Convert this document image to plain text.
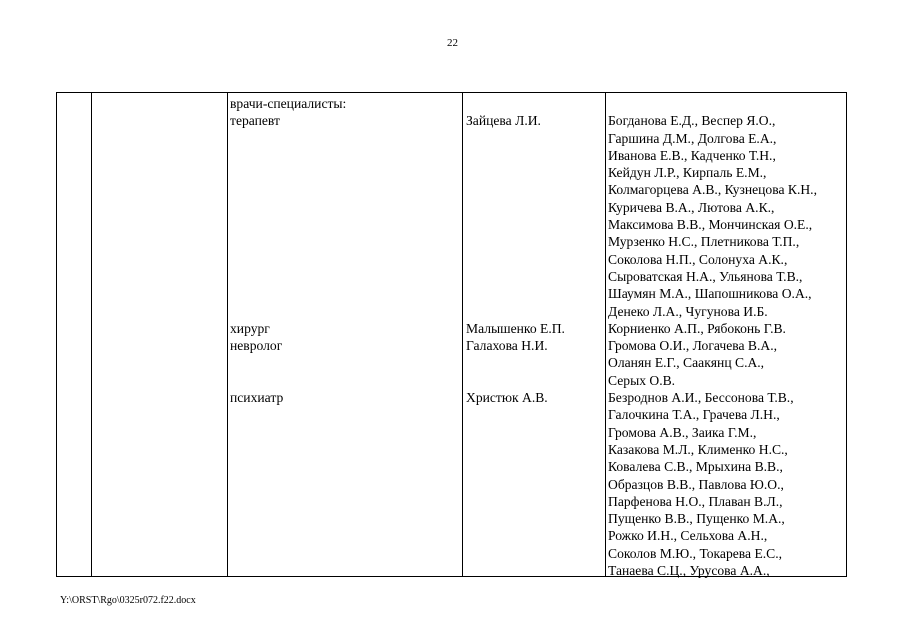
22
врачи-специалисты:
терапевт
хирург
невролог
психиатр
Зайцева Л.И.
Малышенко Е.П.
Галахова Н.И.
Христюк А.В.
Богданова Е.Д., Веспер Я.О.,
Гаршина Д.М., Долгова Е.А.,
Иванова Е.В., Кадченко Т.Н.,
Кейдун Л.Р., Кирпаль Е.М.,
Колмагорцева А.В., Кузнецова К.Н.,
Куричева В.А., Лютова А.К.,
Максимова В.В., Мончинская О.Е.,
Мурзенко Н.С., Плетникова Т.П.,
Соколова Н.П., Солонуха А.К.,
Сыроватская Н.А., Ульянова Т.В.,
Шаумян М.А., Шапошникова О.А.,
Денеко Л.А., Чугунова И.Б.
Корниенко А.П., Рябоконь Г.В.
Громова О.И., Логачева В.А.,
Оланян Е.Г., Саакянц С.А.,
Серых О.В.
Безроднов А.И., Бессонова Т.В.,
Галочкина Т.А., Грачева Л.Н.,
Громова А.В., Заика Г.М.,
Казакова М.Л., Клименко Н.С.,
Ковалева С.В., Мрыхина В.В.,
Образцов В.В., Павлова Ю.О.,
Парфенова Н.О., Плаван В.Л.,
Пущенко В.В., Пущенко М.А.,
Рожко И.Н., Сельхова А.Н.,
Соколов М.Ю., Токарева Е.С.,
Танаева С.Ц., Урусова А.А.,
Y:\ORST\Rgo\0325r072.f22.docx
